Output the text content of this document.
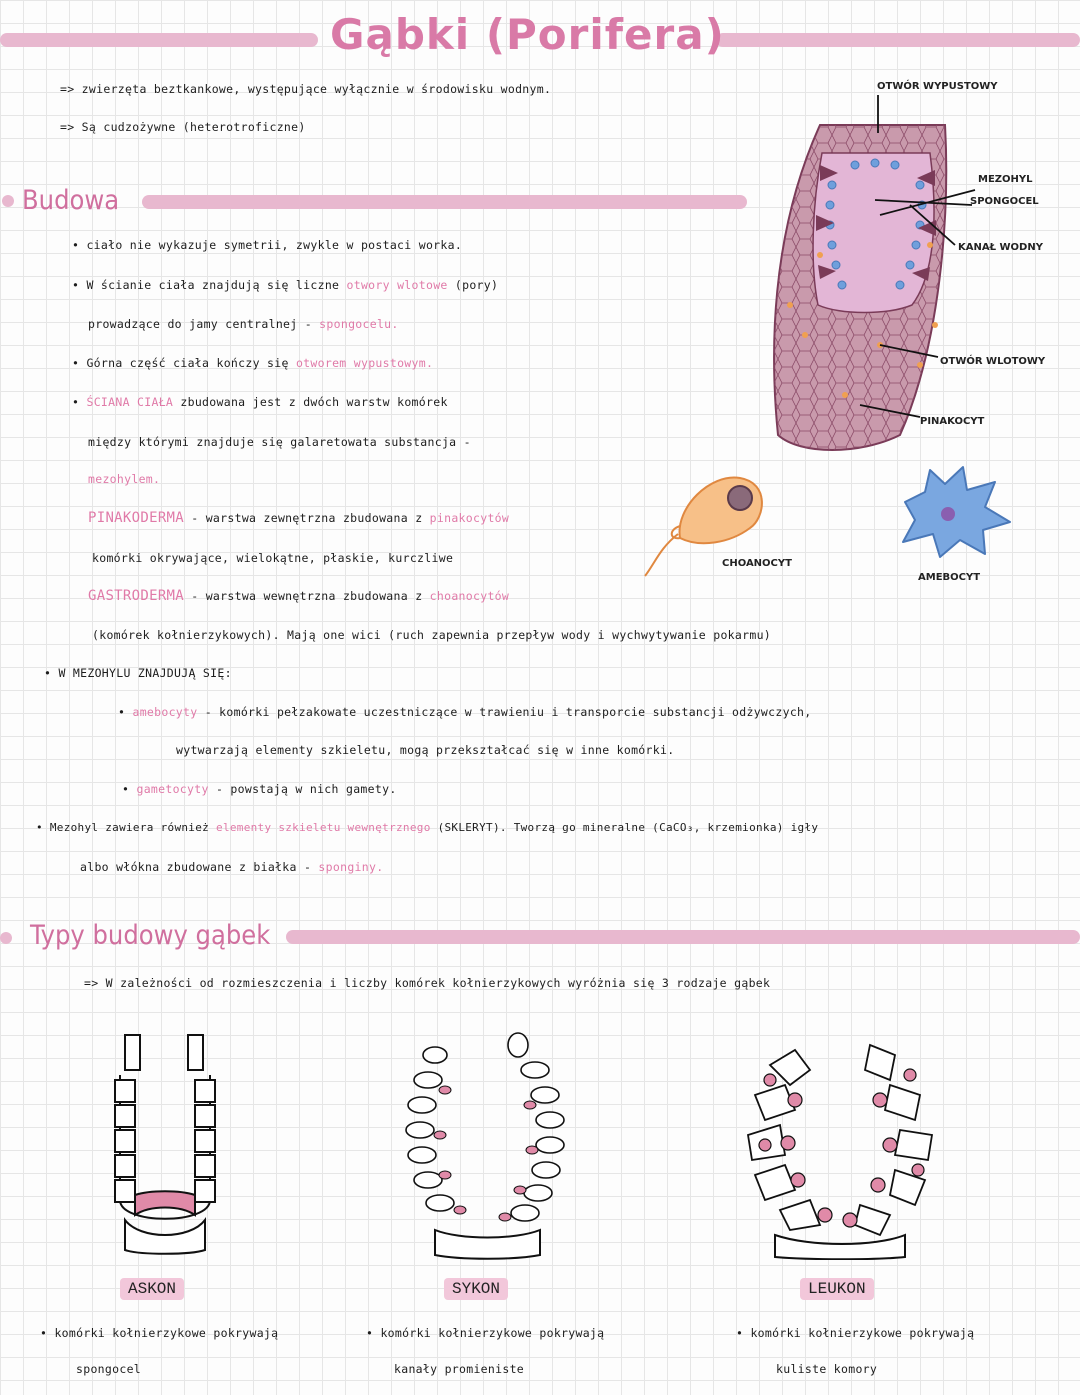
Gąbki (Porifera)
=> zwierzęta beztkankowe, występujące wyłącznie w środowisku wodnym.
=> Są cudzożywne (heterotroficzne)
Budowa
• ciało nie wykazuje symetrii, zwykle w postaci worka.
• W ścianie ciała znajdują się liczne otwory wlotowe (pory)
prowadzące do jamy centralnej - spongocelu.
• Górna część ciała kończy się otworem wypustowym.
• ŚCIANA CIAŁA zbudowana jest z dwóch warstw komórek
między którymi znajduje się galaretowata substancja -
mezohylem.
PINAKODERMA - warstwa zewnętrzna zbudowana z pinakocytów
komórki okrywające, wielokątne, płaskie, kurczliwe
GASTRODERMA - warstwa wewnętrzna zbudowana z choanocytów
(komórek kołnierzykowych). Mają one wici (ruch zapewnia przepływ wody i wychwytywanie pokarmu)
• W MEZOHYLU ZNAJDUJĄ SIĘ:
• amebocyty - komórki pełzakowate uczestniczące w trawieniu i transporcie substancji odżywczych,
wytwarzają elementy szkieletu, mogą przekształcać się w inne komórki.
• gametocyty - powstają w nich gamety.
• Mezohyl zawiera również elementy szkieletu wewnętrznego (SKLERYT). Tworzą go mineralne (CaCO₃, krzemionka) igły
albo włókna zbudowane z białka - sponginy.
OTWÓR WYPUSTOWY
MEZOHYL
SPONGOCEL
KANAŁ WODNY
OTWÓR WLOTOWY
PINAKOCYT
CHOANOCYT
AMEBOCYT
Typy budowy gąbek
=> W zależności od rozmieszczenia i liczby komórek kołnierzykowych wyróżnia się 3 rodzaje gąbek
ASKON
• komórki kołnierzykowe pokrywają
spongocel
SYKON
• komórki kołnierzykowe pokrywają
kanały promieniste
LEUKON
• komórki kołnierzykowe pokrywają
kuliste komory
